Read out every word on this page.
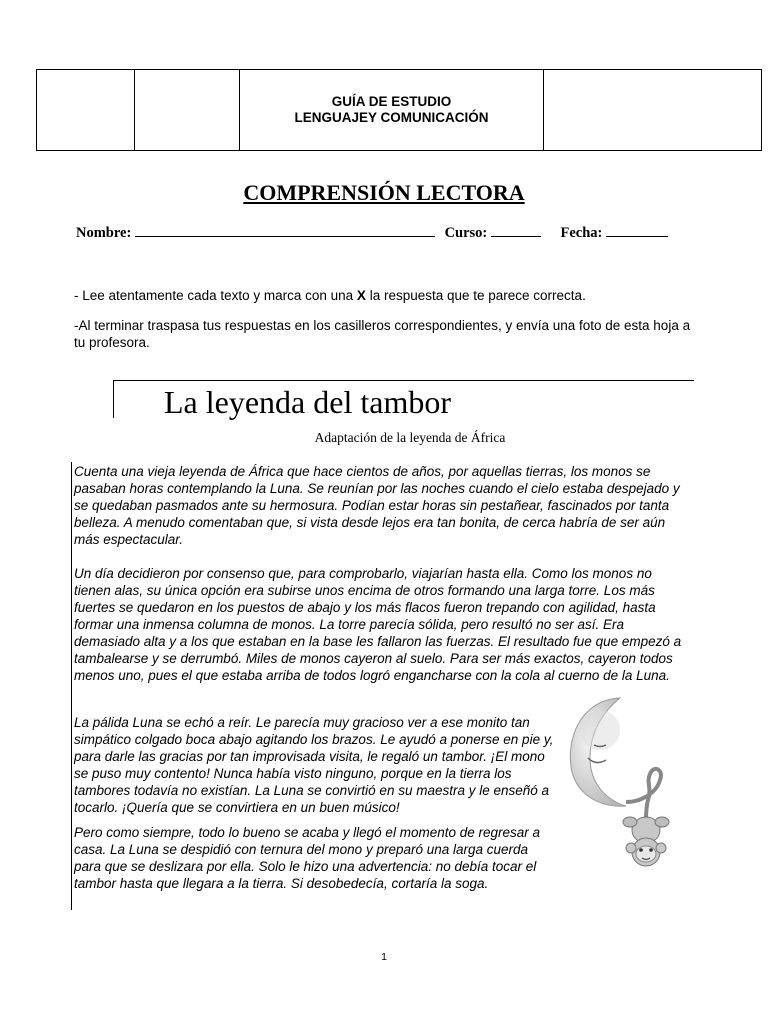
GUÍA DE ESTUDIO
LENGUAJEY COMUNICACIÓN

COMPRENSIÓN LECTORA
Nombre:	Curso:	Fecha:
- Lee atentamente cada texto y marca con una X la respuesta que te parece correcta.
-Al terminar traspasa tus respuestas en los casilleros correspondientes, y envía una foto de esta hoja a tu profesora.
La leyenda del tambor
Adaptación de la leyenda de África

Cuenta una vieja leyenda de África que hace cientos de años, por aquellas tierras, los monos se pasaban horas contemplando la Luna. Se reunían por las noches cuando el cielo estaba despejado y se quedaban pasmados ante su hermosura. Podían estar horas sin pestañear, fascinados por tanta belleza. A menudo comentaban que, si vista desde lejos era tan bonita, de cerca habría de ser aún más espectacular.

Un día decidieron por consenso que, para comprobarlo, viajarían hasta ella. Como los monos no tienen alas, su única opción era subirse unos encima de otros formando una larga torre. Los más fuertes se quedaron en los puestos de abajo y los más flacos fueron trepando con agilidad, hasta formar una inmensa columna de monos. La torre parecía sólida, pero resultó no ser así. Era demasiado alta y a los que estaban en la base les fallaron las fuerzas. El resultado fue que empezó a tambalearse y se derrumbó. Miles de monos cayeron al suelo. Para ser más exactos, cayeron todos menos uno, pues el que estaba arriba de todos logró engancharse con la cola al cuerno de la Luna.

La pálida Luna se echó a reír. Le parecía muy gracioso ver a ese monito tan simpático colgado boca abajo agitando los brazos. Le ayudó a ponerse en pie y, para darle las gracias por tan improvisada visita, le regaló un tambor. ¡El mono se puso muy contento! Nunca había visto ninguno, porque en la tierra los tambores todavía no existían. La Luna se convirtió en su maestra y le enseñó a tocarlo. ¡Quería que se convirtiera en un buen músico!

Pero como siempre, todo lo bueno se acaba y llegó el momento de regresar a casa. La Luna se despidió con ternura del mono y preparó una larga cuerda para que se deslizara por ella. Solo le hizo una advertencia: no debía tocar el tambor hasta que llegara a la tierra. Si desobedecía, cortaría la soga.

1
